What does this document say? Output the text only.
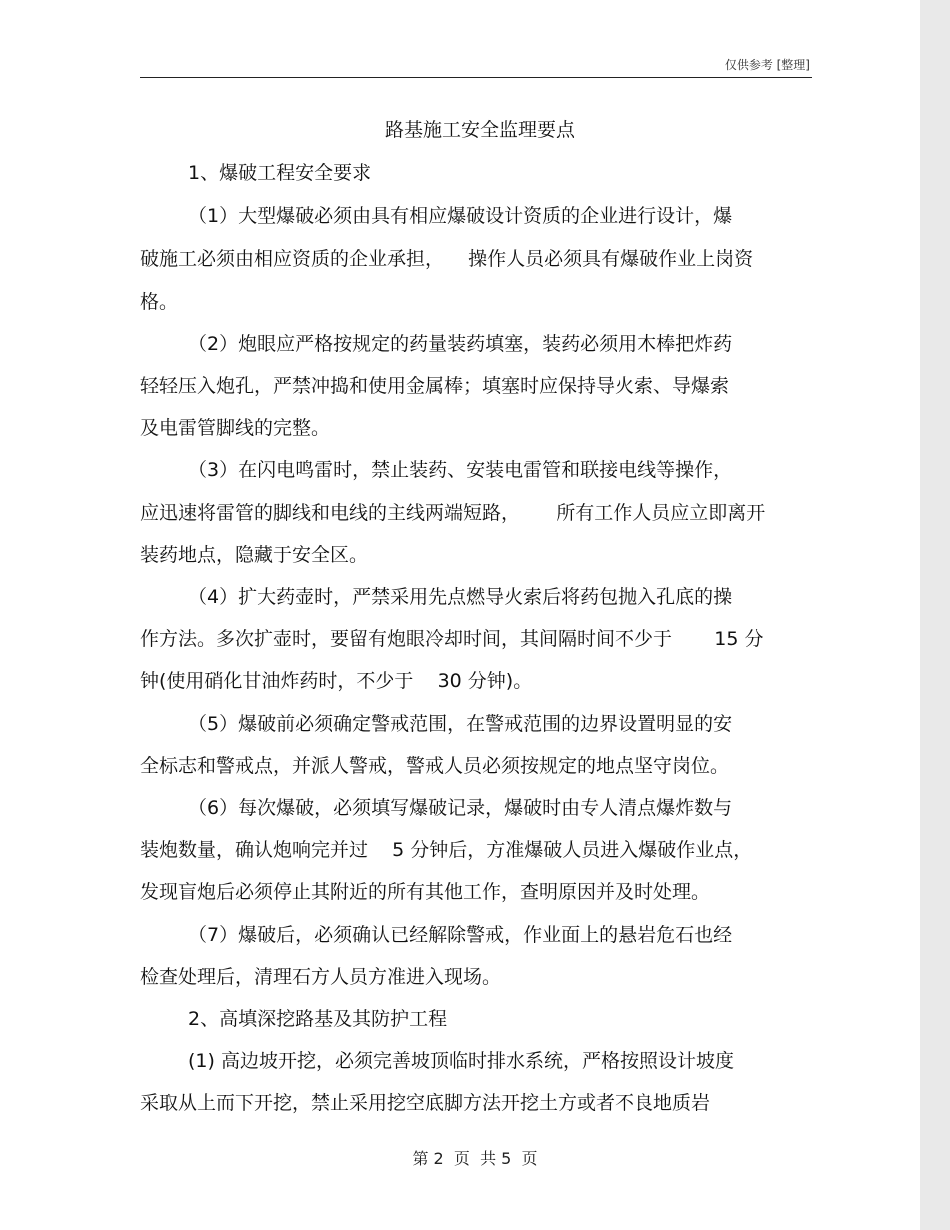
仅供参考 [整理]
路基施工安全监理要点
1、爆破工程安全要求
（1）大型爆破必须由具有相应爆破设计资质的企业进行设计，爆
破施工必须由相应资质的企业承担，    操作人员必须具有爆破作业上岗资
格。
（2）炮眼应严格按规定的药量装药填塞，装药必须用木棒把炸药
轻轻压入炮孔，严禁冲捣和使用金属棒；填塞时应保持导火索、导爆索
及电雷管脚线的完整。
（3）在闪电鸣雷时，禁止装药、安装电雷管和联接电线等操作，
应迅速将雷管的脚线和电线的主线两端短路，      所有工作人员应立即离开
装药地点，隐藏于安全区。
（4）扩大药壶时，严禁采用先点燃导火索后将药包抛入孔底的操
作方法。多次扩壶时，要留有炮眼冷却时间，其间隔时间不少于       15 分
钟(使用硝化甘油炸药时，不少于    30 分钟)。
（5）爆破前必须确定警戒范围，在警戒范围的边界设置明显的安
全标志和警戒点，并派人警戒，警戒人员必须按规定的地点坚守岗位。
（6）每次爆破，必须填写爆破记录，爆破时由专人清点爆炸数与
装炮数量，确认炮响完并过    5 分钟后，方准爆破人员进入爆破作业点，
发现盲炮后必须停止其附近的所有其他工作，查明原因并及时处理。
（7）爆破后，必须确认已经解除警戒，作业面上的悬岩危石也经
检查处理后，清理石方人员方准进入现场。
2、高填深挖路基及其防护工程
(1) 高边坡开挖，必须完善坡顶临时排水系统，严格按照设计坡度
采取从上而下开挖，禁止采用挖空底脚方法开挖土方或者不良地质岩
第 2  页  共 5  页
